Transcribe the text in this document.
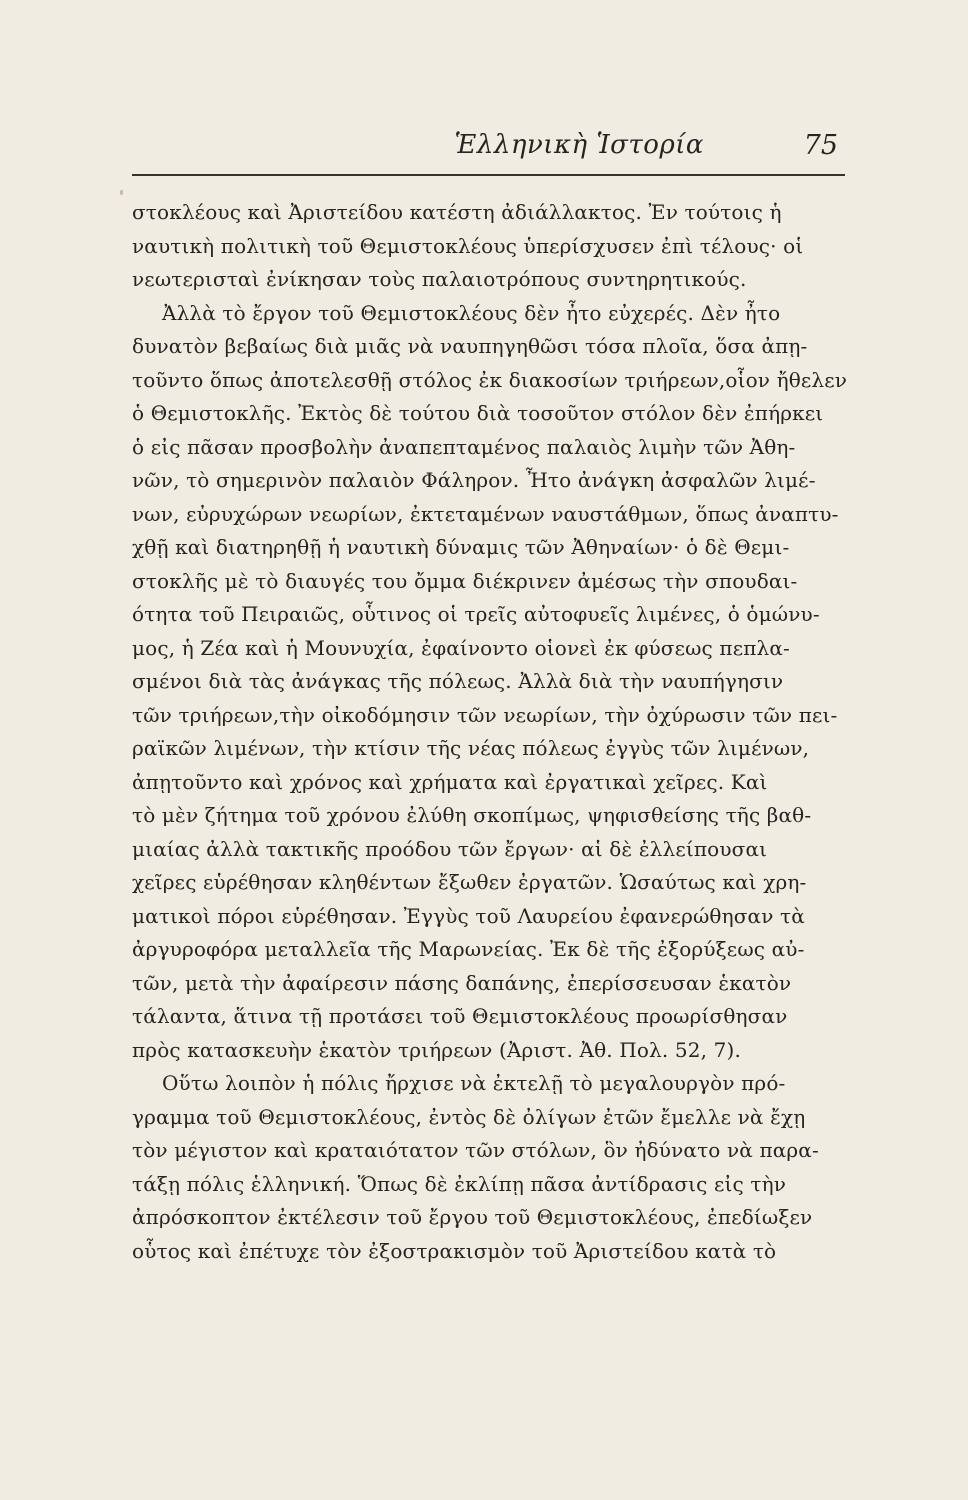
Ἑλληνικὴ Ἱστορία	75
στοκλέους καὶ Ἀριστείδου κατέστη ἀδιάλλακτος. Ἐν τούτοις ἡ
ναυτικὴ πολιτικὴ τοῦ Θεμιστοκλέους ὑπερίσχυσεν ἐπὶ τέλους· οἱ
νεωτερισταὶ ἐνίκησαν τοὺς παλαιοτρόπους συντηρητικούς.
Ἀλλὰ τὸ ἔργον τοῦ Θεμιστοκλέους δὲν ἦτο εὐχερές. Δὲν ἦτο
δυνατὸν βεβαίως διὰ μιᾶς νὰ ναυπηγηθῶσι τόσα πλοῖα, ὅσα ἀπῃ-
τοῦντο ὅπως ἀποτελεσθῇ στόλος ἐκ διακοσίων τριήρεων,οἷον ἤθελεν
ὁ Θεμιστοκλῆς. Ἐκτὸς δὲ τούτου διὰ τοσοῦτον στόλον δὲν ἐπήρκει
ὁ εἰς πᾶσαν προσβολὴν ἀναπεπταμένος παλαιὸς λιμὴν τῶν Ἀθη-
νῶν, τὸ σημερινὸν παλαιὸν Φάληρον. Ἦτο ἀνάγκη ἀσφαλῶν λιμέ-
νων, εὐρυχώρων νεωρίων, ἐκτεταμένων ναυστάθμων, ὅπως ἀναπτυ-
χθῇ καὶ διατηρηθῇ ἡ ναυτικὴ δύναμις τῶν Ἀθηναίων· ὁ δὲ Θεμι-
στοκλῆς μὲ τὸ διαυγές του ὄμμα διέκρινεν ἀμέσως τὴν σπουδαι-
ότητα τοῦ Πειραιῶς, οὗτινος οἱ τρεῖς αὐτοφυεῖς λιμένες, ὁ ὁμώνυ-
μος, ἡ Ζέα καὶ ἡ Μουνυχία, ἐφαίνοντο οἱονεὶ ἐκ φύσεως πεπλα-
σμένοι διὰ τὰς ἀνάγκας τῆς πόλεως. Ἀλλὰ διὰ τὴν ναυπήγησιν
τῶν τριήρεων,τὴν οἰκοδόμησιν τῶν νεωρίων, τὴν ὀχύρωσιν τῶν πει-
ραϊκῶν λιμένων, τὴν κτίσιν τῆς νέας πόλεως ἐγγὺς τῶν λιμένων,
ἀπῃτοῦντο καὶ χρόνος καὶ χρήματα καὶ ἐργατικαὶ χεῖρες. Καὶ
τὸ μὲν ζήτημα τοῦ χρόνου ἐλύθη σκοπίμως, ψηφισθείσης τῆς βαθ-
μιαίας ἀλλὰ τακτικῆς προόδου τῶν ἔργων· αἱ δὲ ἐλλείπουσαι
χεῖρες εὑρέθησαν κληθέντων ἔξωθεν ἐργατῶν. Ὡσαύτως καὶ χρη-
ματικοὶ πόροι εὑρέθησαν. Ἐγγὺς τοῦ Λαυρείου ἐφανερώθησαν τὰ
ἀργυροφόρα μεταλλεῖα τῆς Μαρωνείας. Ἐκ δὲ τῆς ἐξορύξεως αὐ-
τῶν, μετὰ τὴν ἀφαίρεσιν πάσης δαπάνης, ἐπερίσσευσαν ἑκατὸν
τάλαντα, ἅτινα τῇ προτάσει τοῦ Θεμιστοκλέους προωρίσθησαν
πρὸς κατασκευὴν ἑκατὸν τριήρεων (Ἀριστ. Ἀθ. Πολ. 52, 7).
Οὕτω λοιπὸν ἡ πόλις ἤρχισε νὰ ἐκτελῇ τὸ μεγαλουργὸν πρό-
γραμμα τοῦ Θεμιστοκλέους, ἐντὸς δὲ ὀλίγων ἐτῶν ἔμελλε νὰ ἔχῃ
τὸν μέγιστον καὶ κραταιότατον τῶν στόλων, ὃν ἠδύνατο νὰ παρα-
τάξῃ πόλις ἑλληνική. Ὅπως δὲ ἐκλίπῃ πᾶσα ἀντίδρασις εἰς τὴν
ἀπρόσκοπτον ἐκτέλεσιν τοῦ ἔργου τοῦ Θεμιστοκλέους, ἐπεδίωξεν
οὗτος καὶ ἐπέτυχε τὸν ἐξοστρακισμὸν τοῦ Ἀριστείδου κατὰ τὸ
